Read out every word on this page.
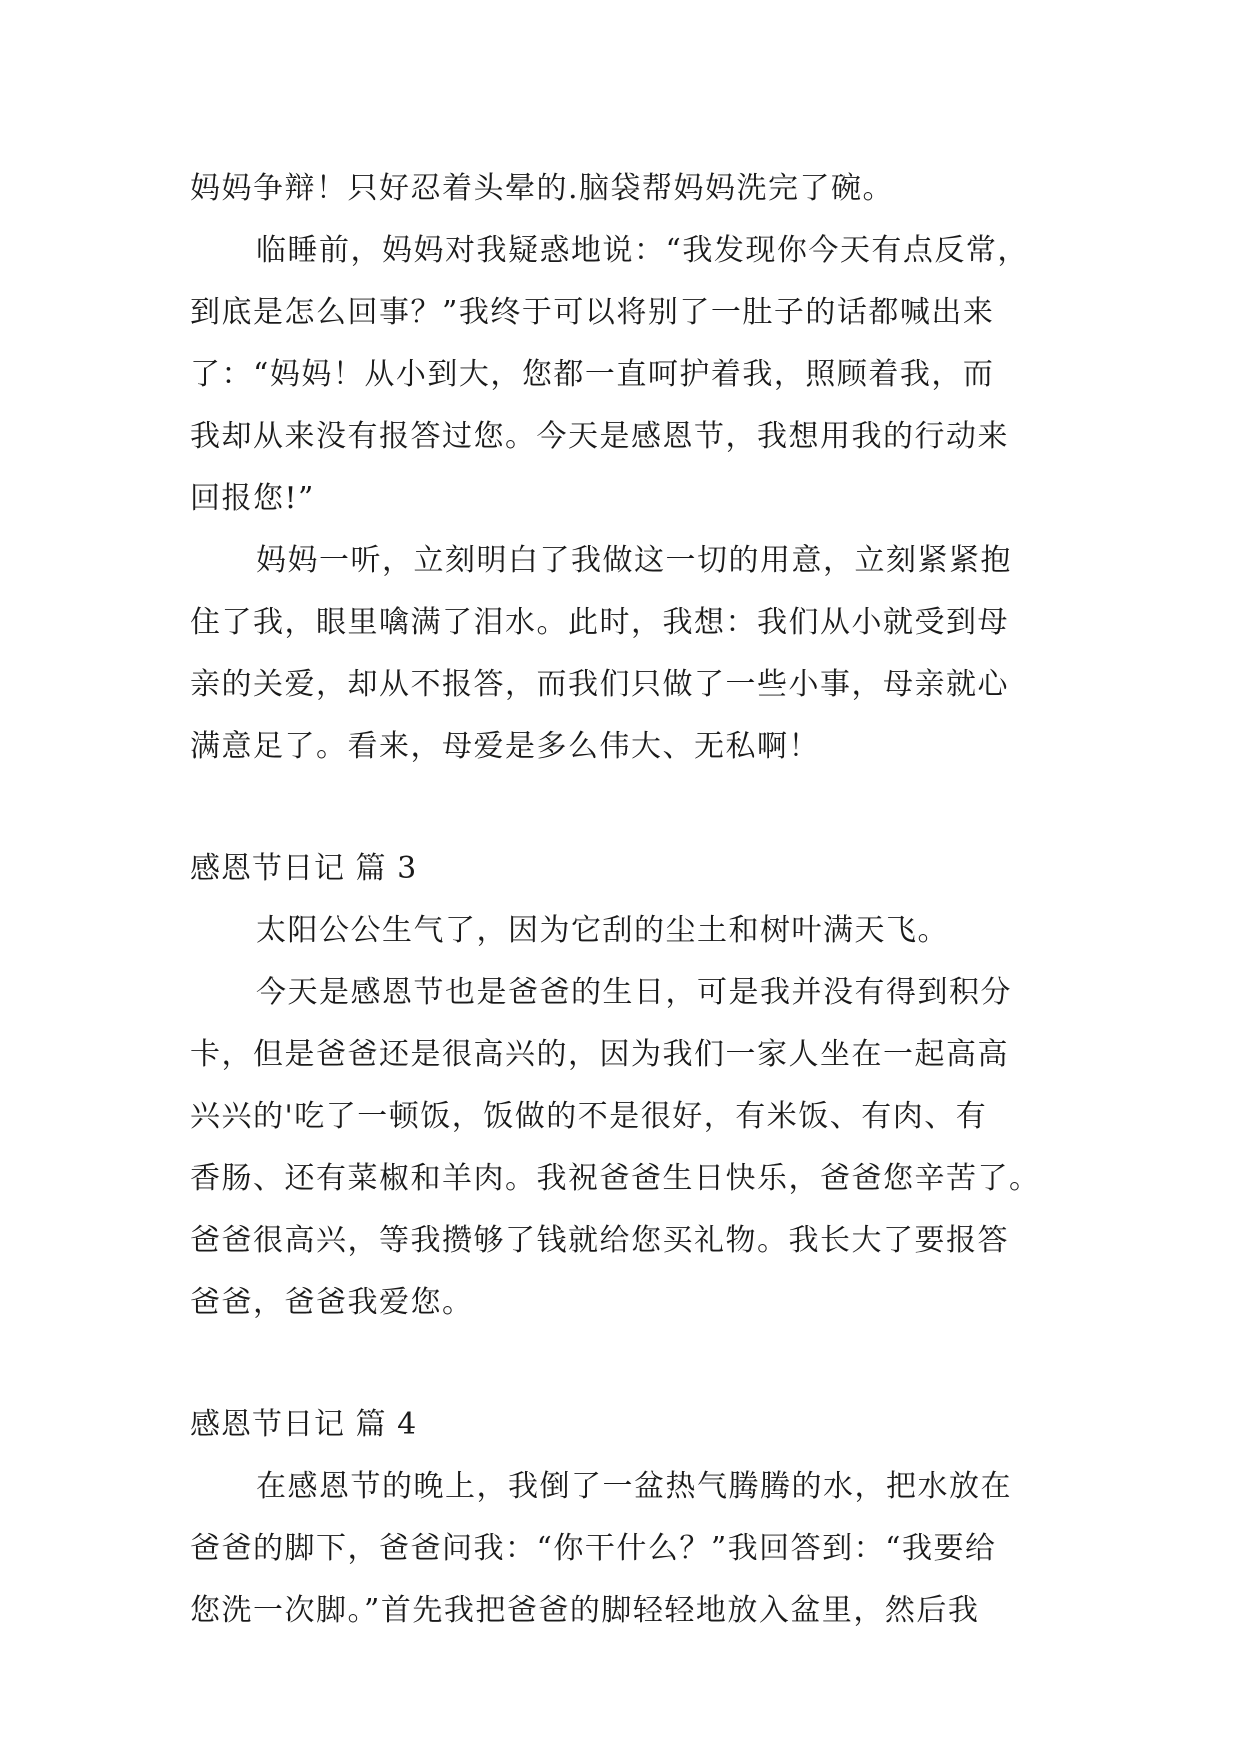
妈妈争辩！只好忍着头晕的.脑袋帮妈妈洗完了碗。
临睡前，妈妈对我疑惑地说：“我发现你今天有点反常，
到底是怎么回事？”我终于可以将别了一肚子的话都喊出来
了：“妈妈！从小到大，您都一直呵护着我，照顾着我，而
我却从来没有报答过您。今天是感恩节，我想用我的行动来
回报您!”
妈妈一听，立刻明白了我做这一切的用意，立刻紧紧抱
住了我，眼里噙满了泪水。此时，我想：我们从小就受到母
亲的关爱，却从不报答，而我们只做了一些小事，母亲就心
满意足了。看来，母爱是多么伟大、无私啊！
感恩节日记 篇 3
太阳公公生气了，因为它刮的尘土和树叶满天飞。
今天是感恩节也是爸爸的生日，可是我并没有得到积分
卡，但是爸爸还是很高兴的，因为我们一家人坐在一起高高
兴兴的'吃了一顿饭，饭做的不是很好，有米饭、有肉、有
香肠、还有菜椒和羊肉。我祝爸爸生日快乐，爸爸您辛苦了。
爸爸很高兴，等我攒够了钱就给您买礼物。我长大了要报答
爸爸，爸爸我爱您。
感恩节日记 篇 4
在感恩节的晚上，我倒了一盆热气腾腾的水，把水放在
爸爸的脚下，爸爸问我：“你干什么？”我回答到：“我要给
您洗一次脚。”首先我把爸爸的脚轻轻地放入盆里，然后我
